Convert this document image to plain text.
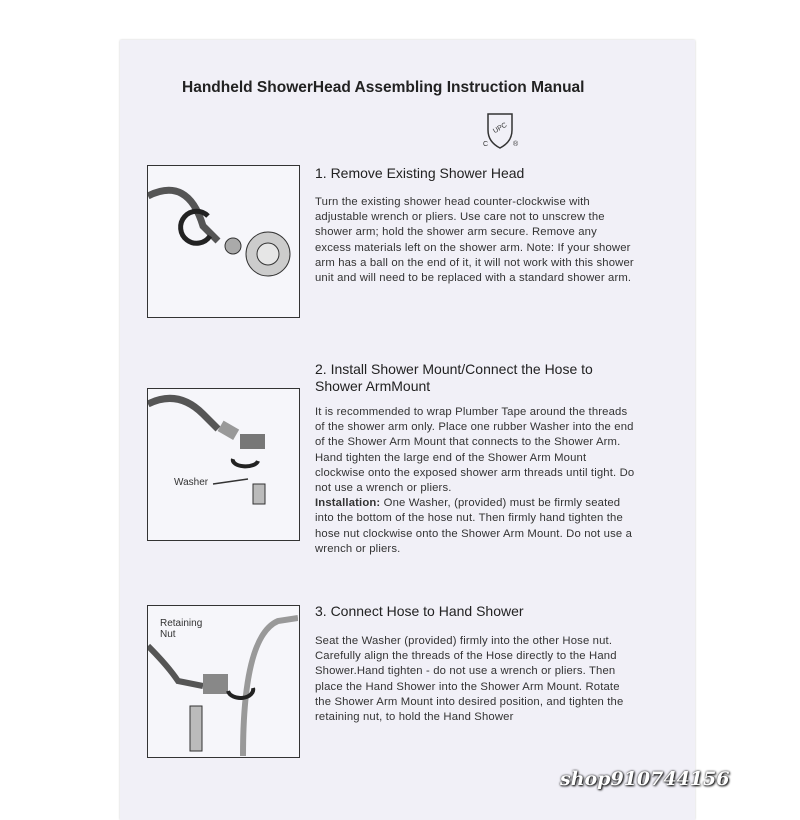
Handheld ShowerHead Assembling Instruction Manual
UPC
C	®
Washer
Retaining Nut
1. Remove Existing Shower Head
Turn the existing shower head counter-clockwise with adjustable wrench or pliers. Use care not to unscrew the shower arm; hold the shower arm secure. Remove any excess materials left on the shower arm. Note: If your shower arm has a ball on the end of it, it will not work with this shower unit and will need to be replaced with a standard shower arm.
2. Install Shower Mount/Connect the Hose to Shower ArmMount
It is recommended to wrap Plumber Tape around the threads of the shower arm only. Place one rubber Washer into the end of the Shower Arm Mount that connects to the Shower Arm. Hand tighten the large end of the Shower Arm Mount clockwise onto the exposed shower arm threads until tight. Do not use a wrench or pliers.
Installation: One Washer, (provided) must be firmly seated into the bottom of the hose nut. Then firmly hand tighten the hose nut clockwise onto the Shower Arm Mount. Do not use a wrench or pliers.
3. Connect Hose to Hand Shower
Seat the Washer (provided) firmly into the other Hose nut. Carefully align the threads of the Hose directly to the Hand Shower.Hand tighten - do not use a wrench or pliers. Then place the Hand Shower into the Shower Arm Mount. Rotate the Shower Arm Mount into desired position, and tighten the retaining nut, to hold the Hand Shower
shop910744156
